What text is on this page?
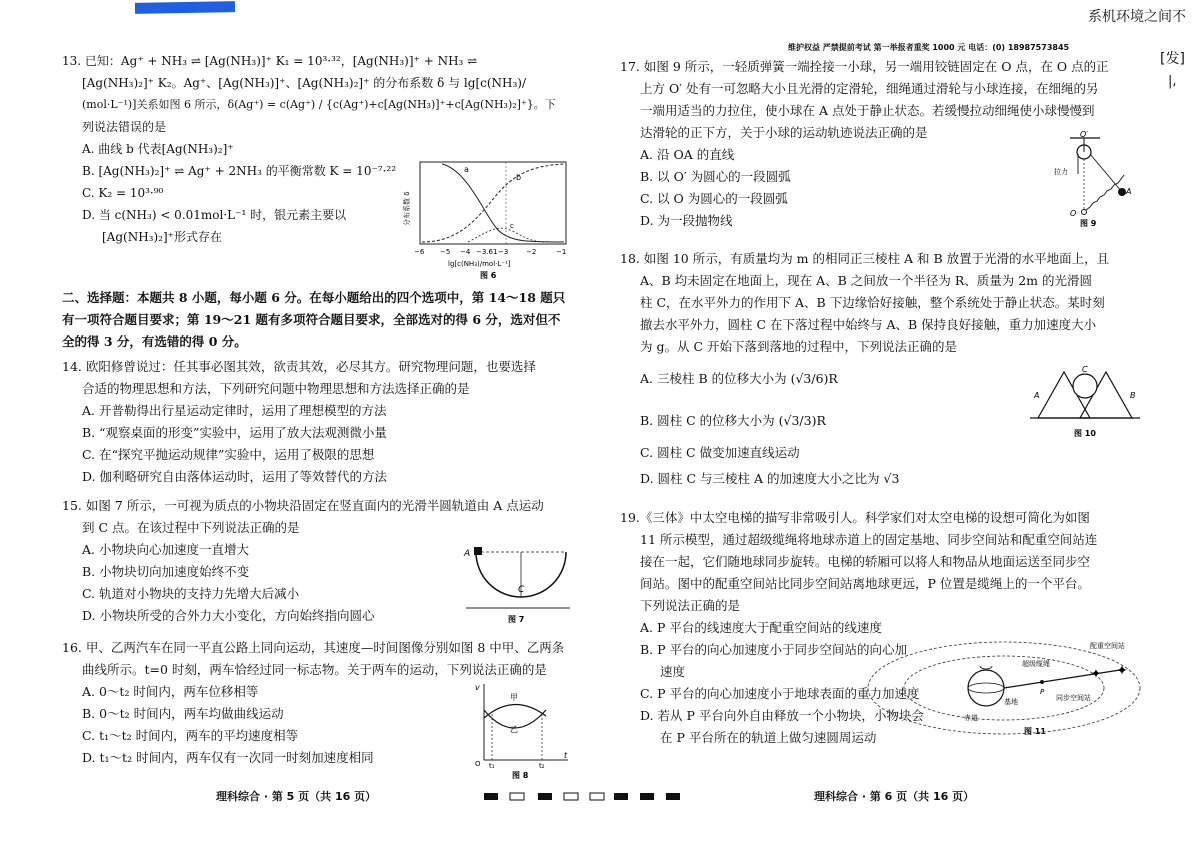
系机环境之间不
[发]
|,

13. 已知：Ag⁺ + NH₃ ⇌ [Ag(NH₃)]⁺ K₁ = 10³·³²，[Ag(NH₃)]⁺ + NH₃ ⇌

[Ag(NH₃)₂]⁺ K₂。Ag⁺、[Ag(NH₃)]⁺、[Ag(NH₃)₂]⁺ 的分布系数 δ 与 lg[c(NH₃)/

(mol·L⁻¹)]关系如图 6 所示，δ(Ag⁺) = c(Ag⁺) / {c(Ag⁺)+c[Ag(NH₃)]⁺+c[Ag(NH₃)₂]⁺}。下

列说法错误的是

A. 曲线 b 代表[Ag(NH₃)₂]⁺

B. [Ag(NH₃)₂]⁺ ⇌ Ag⁺ + 2NH₃ 的平衡常数 K = 10⁻⁷·²²

C. K₂ = 10³·⁹⁰

D. 当 c(NH₃) < 0.01mol·L⁻¹ 时，银元素主要以

[Ag(NH₃)₂]⁺形式存在

a
b
c
分布系数 δ
−6 −5 −4 −3.61 −3	−2	−1
lg[c(NH₃)/mol·L⁻¹]
图 6

二、选择题：本题共 8 小题，每小题 6 分。在每小题给出的四个选项中，第 14～18 题只

有一项符合题目要求；第 19～21 题有多项符合题目要求，全部选对的得 6 分，选对但不

全的得 3 分，有选错的得 0 分。

14. 欧阳修曾说过：任其事必图其效，欲责其效，必尽其方。研究物理问题，也要选择

合适的物理思想和方法，下列研究问题中物理思想和方法选择正确的是

A. 开普勒得出行星运动定律时，运用了理想模型的方法

B. “观察桌面的形变”实验中，运用了放大法观测微小量

C. 在“探究平抛运动规律”实验中，运用了极限的思想

D. 伽利略研究自由落体运动时，运用了等效替代的方法

15. 如图 7 所示，一可视为质点的小物块沿固定在竖直面内的光滑半圆轨道由 A 点运动

到 C 点。在该过程中下列说法正确的是

A. 小物块向心加速度一直增大

B. 小物块切向加速度始终不变

C. 轨道对小物块的支持力先增大后减小

D. 小物块所受的合外力大小变化，方向始终指向圆心

A
C
图 7

16. 甲、乙两汽车在同一平直公路上同向运动，其速度—时间图像分别如图 8 中甲、乙两条

曲线所示。t=0 时刻，两车恰经过同一标志物。关于两车的运动，下列说法正确的是

A. 0～t₂ 时间内，两车位移相等

B. 0～t₂ 时间内，两车均做曲线运动

C. t₁～t₂ 时间内，两车的平均速度相等

D. t₁～t₂ 时间内，两车仅有一次同一时刻加速度相同

v
t
O
甲
乙
t₁	t₂
图 8
理科综合 · 第 5 页（共 16 页）
维护权益 严禁提前考试 第一举报者重奖 1000 元 电话：(0) 18987573845

17. 如图 9 所示，一轻质弹簧一端拴接一小球，另一端用铰链固定在 O 点，在 O 点的正

上方 O′ 处有一可忽略大小且光滑的定滑轮，细绳通过滑轮与小球连接，在细绳的另

一端用适当的力拉住，使小球在 A 点处于静止状态。若缓慢拉动细绳使小球慢慢到

达滑轮的正下方，关于小球的运动轨迹说法正确的是

A. 沿 OA 的直线

B. 以 O′ 为圆心的一段圆弧

C. 以 O 为圆心的一段圆弧

D. 为一段抛物线

O′
拉力
A
O
图 9

18. 如图 10 所示，有质量均为 m 的相同正三棱柱 A 和 B 放置于光滑的水平地面上，且

A、B 均未固定在地面上，现在 A、B 之间放一个半径为 R、质量为 2m 的光滑圆

柱 C，在水平外力的作用下 A、B 下边缘恰好接触，整个系统处于静止状态。某时刻

撤去水平外力，圆柱 C 在下落过程中始终与 A、B 保持良好接触，重力加速度大小

为 g。从 C 开始下落到落地的过程中，下列说法正确的是

A. 三棱柱 B 的位移大小为 (√3/6)R

B. 圆柱 C 的位移大小为 (√3/3)R

C. 圆柱 C 做变加速直线运动

D. 圆柱 C 与三棱柱 A 的加速度大小之比为 √3

A	B
C
图 10

19.《三体》中太空电梯的描写非常吸引人。科学家们对太空电梯的设想可简化为如图

11 所示模型，通过超级缆绳将地球赤道上的固定基地、同步空间站和配重空间站连

接在一起，它们随地球同步旋转。电梯的轿厢可以将人和物品从地面运送至同步空

间站。图中的配重空间站比同步空间站离地球更远，P 位置是缆绳上的一个平台。

下列说法正确的是

A. P 平台的线速度大于配重空间站的线速度

B. P 平台的向心加速度小于同步空间站的向心加

速度

C. P 平台的向心加速度小于地球表面的重力加速度

D. 若从 P 平台向外自由释放一个小物块，小物块会

在 P 平台所在的轨道上做匀速圆周运动

✦ ✦
超级缆绳
配重空间站
赤道
基地
P
同步空间站
图 11
理科综合 · 第 6 页（共 16 页）
